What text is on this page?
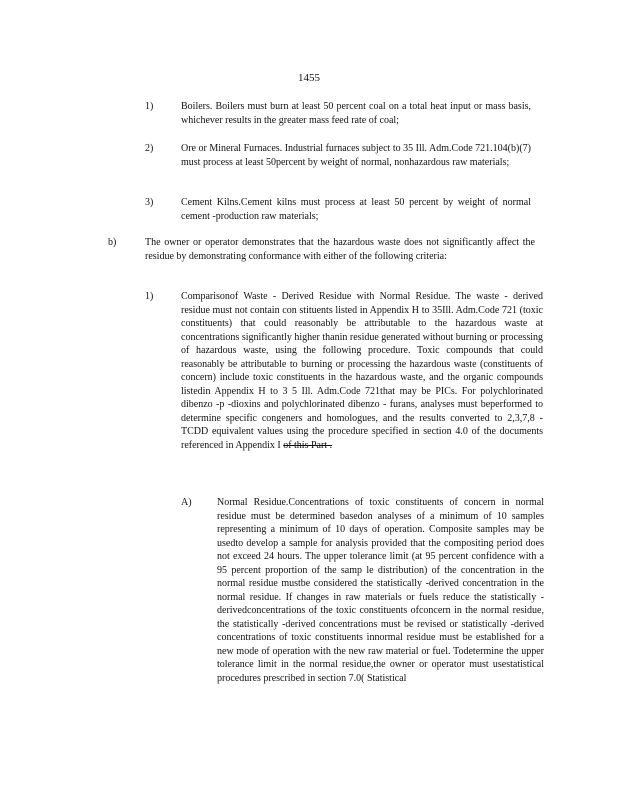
1455
1)	Boilers. Boilers must burn at least 50 percent coal on a total heat input or mass basis, whichever results in the greater mass feed rate of coal;
2)	Ore or Mineral Furnaces. Industrial furnaces subject to 35 Ill. Adm.Code 721.104(b)(7) must process at least 50percent by weight of normal, nonhazardous raw materials;
3)	Cement Kilns.Cement kilns must process at least 50 percent by weight of normal cement -production raw materials;
b)	The owner or operator demonstrates that the hazardous waste does not significantly affect the residue by demonstrating conformance with either of the following criteria:
1)	Comparisonof Waste - Derived Residue with Normal Residue. The waste - derived residue must not contain con stituents listed in Appendix H to 35Ill. Adm.Code 721 (toxic constituents) that could reasonably be attributable to the hazardous waste at concentrations significantly higher thanin residue generated without burning or processing of hazardous waste, using the following procedure. Toxic compounds that could reasonably be attributable to burning or processing the hazardous waste (constituents of concern) include toxic constituents in the hazardous waste, and the organic compounds listedin Appendix H to 3 5 Ill. Adm.Code 721that may be PICs. For polychlorinated dibenzo -p -dioxins and polychlorinated dibenzo - furans, analyses must beperformed to determine specific congeners and homologues, and the results converted to 2,3,7,8 -TCDD equivalent values using the procedure specified in section 4.0 of the documents referenced in Appendix I of this Part .
A)	Normal Residue.Concentrations of toxic constituents of concern in normal residue must be determined basedon analyses of a minimum of 10 samples representing a minimum of 10 days of operation. Composite samples may be usedto develop a sample for analysis provided that the compositing period does not exceed 24 hours. The upper tolerance limit (at 95 percent confidence with a 95 percent proportion of the samp le distribution) of the concentration in the normal residue mustbe considered the statistically -derived concentration in the normal residue. If changes in raw materials or fuels reduce the statistically -derivedconcentrations of the toxic constituents ofconcern in the normal residue, the statistically -derived concentrations must be revised or statistically -derived concentrations of toxic constituents innormal residue must be established for a new mode of operation with the new raw material or fuel. Todetermine the upper tolerance limit in the normal residue,the owner or operator must usestatistical procedures prescribed in section 7.0( Statistical
